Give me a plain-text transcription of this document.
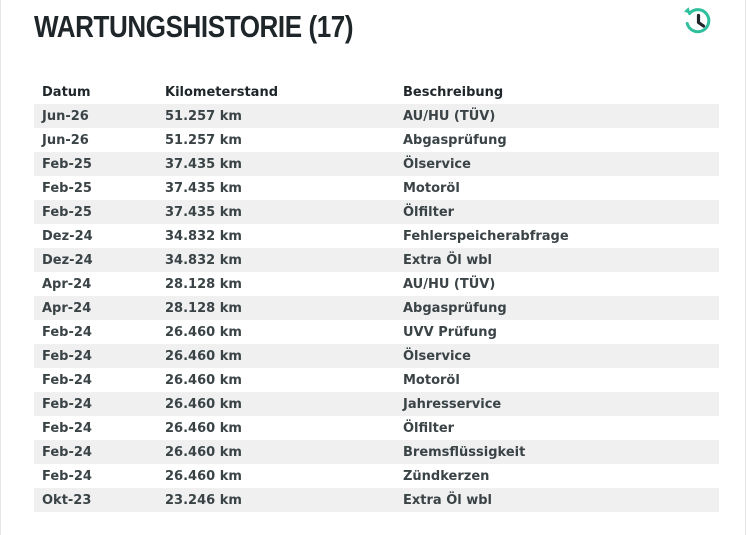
WARTUNGSHISTORIE (17)
Datum	Kilometerstand	Beschreibung
Jun-26	51.257 km	AU/HU (TÜV)
Jun-26	51.257 km	Abgasprüfung
Feb-25	37.435 km	Ölservice
Feb-25	37.435 km	Motoröl
Feb-25	37.435 km	Ölfilter
Dez-24	34.832 km	Fehlerspeicherabfrage
Dez-24	34.832 km	Extra Öl wbl
Apr-24	28.128 km	AU/HU (TÜV)
Apr-24	28.128 km	Abgasprüfung
Feb-24	26.460 km	UVV Prüfung
Feb-24	26.460 km	Ölservice
Feb-24	26.460 km	Motoröl
Feb-24	26.460 km	Jahresservice
Feb-24	26.460 km	Ölfilter
Feb-24	26.460 km	Bremsflüssigkeit
Feb-24	26.460 km	Zündkerzen
Okt-23	23.246 km	Extra Öl wbl
